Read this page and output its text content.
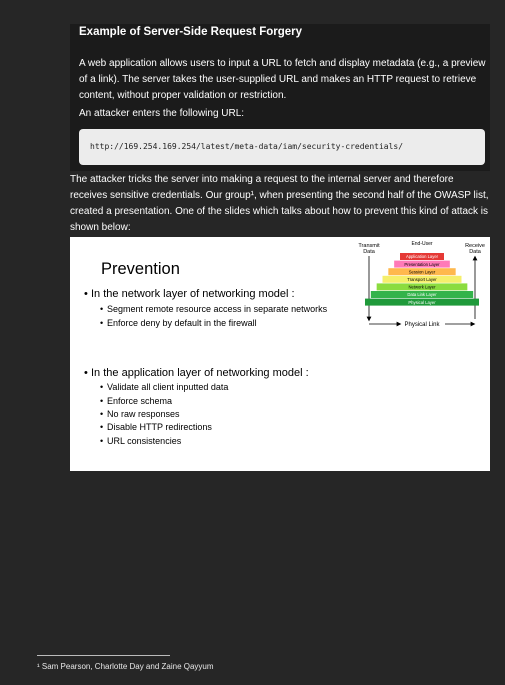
Example of Server-Side Request Forgery
A web application allows users to input a URL to fetch and display metadata (e.g., a preview of a link). The server takes the user-supplied URL and makes an HTTP request to retrieve content, without proper validation or restriction.
An attacker enters the following URL:
http://169.254.169.254/latest/meta-data/iam/security-credentials/
The attacker tricks the server into making a request to the internal server and therefore receives sensitive credentials. Our group¹, when presenting the second half of the OWASP list, created a presentation. One of the slides which talks about how to prevent this kind of attack is shown below:
Prevention
• In the network layer of networking model :
• Segment remote resource access in separate networks
• Enforce deny by default in the firewall
• In the application layer of networking model :
• Validate all client inputted data
• Enforce schema
• No raw responses
• Disable HTTP redirections
• URL consistencies
End-User
Transmit
Data
Receive
Data
Application Layer
Presentation Layer
Session Layer
Transport Layer
Network Layer
Data Link Layer
Physical Layer
Physical Link
¹ Sam Pearson, Charlotte Day and Zaine Qayyum
